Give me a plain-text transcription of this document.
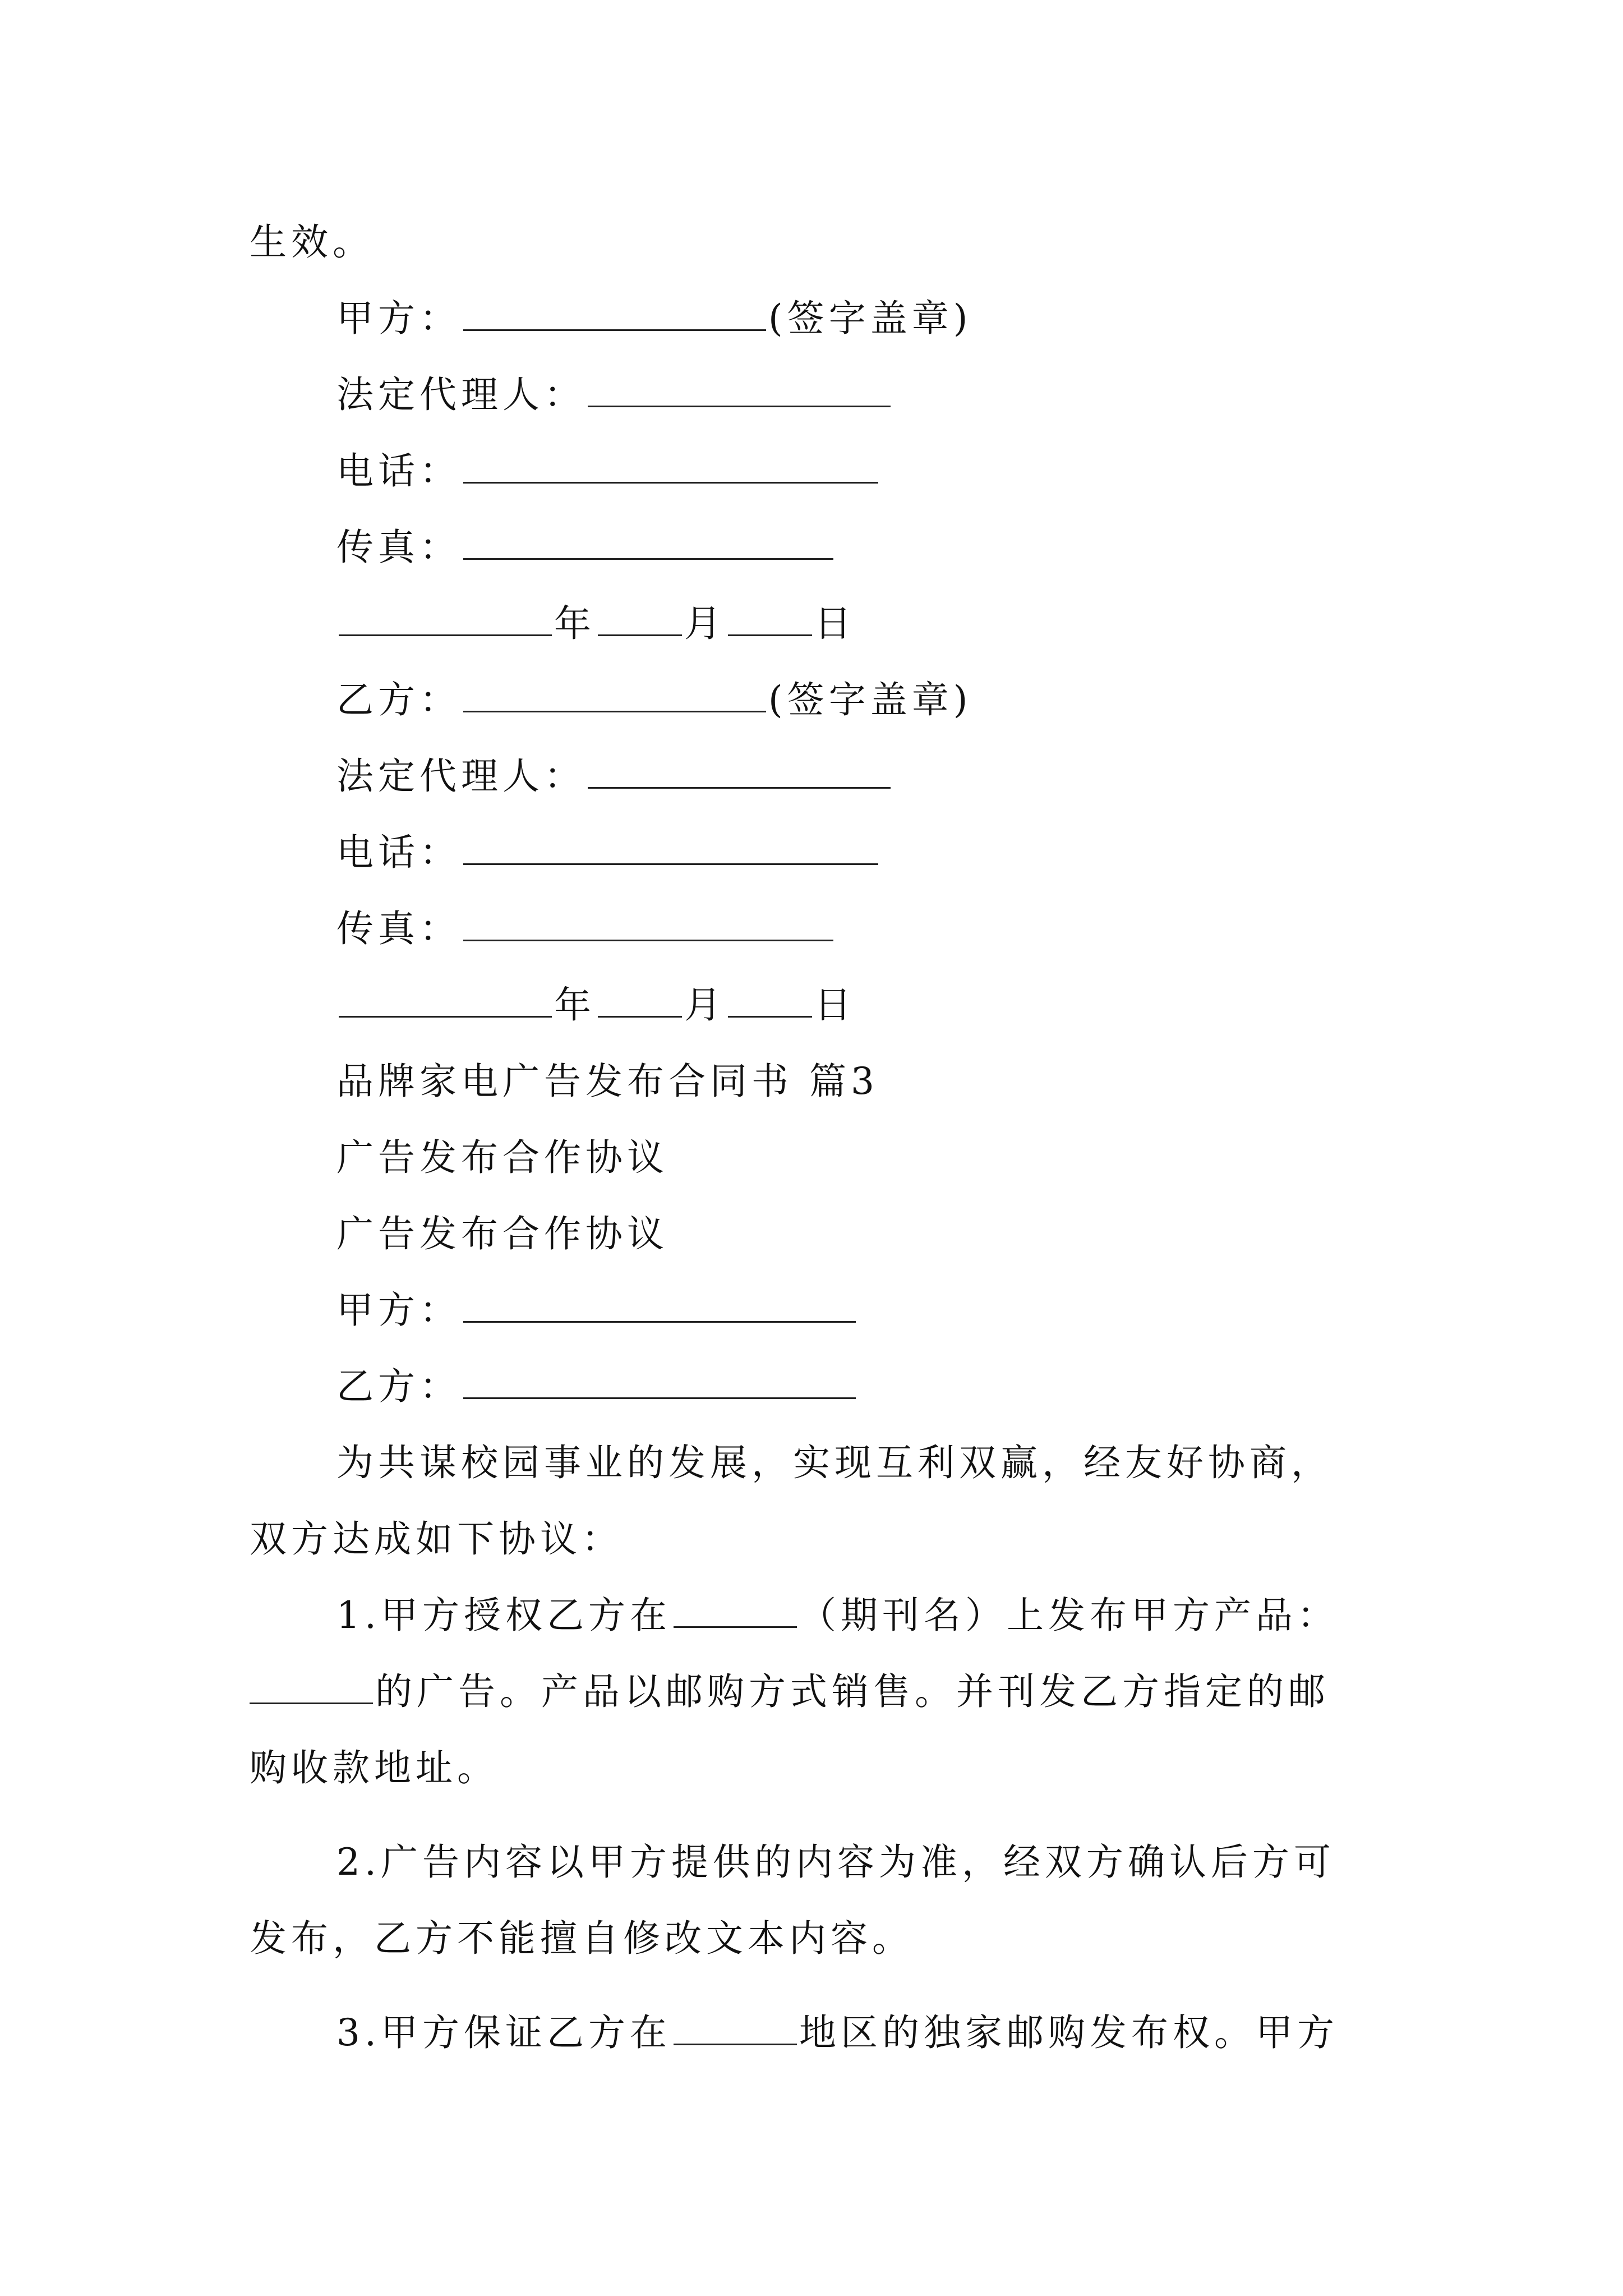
生效。
甲方：	(签字盖章)
法定代理人：
电话：
传真：
年 月 日
乙方：	(签字盖章)
法定代理人：
电话：
传真：
年 月 日
品牌家电广告发布合同书 篇3
广告发布合作协议
广告发布合作协议
甲方：
乙方：
为共谋校园事业的发展，实现互利双赢，经友好协商，
双方达成如下协议：
1.甲方授权乙方在	（期刊名）上发布甲方产品：
的广告。产品以邮购方式销售。并刊发乙方指定的邮
购收款地址。
2.广告内容以甲方提供的内容为准，经双方确认后方可
发布，乙方不能擅自修改文本内容。
3.甲方保证乙方在	地区的独家邮购发布权。甲方
